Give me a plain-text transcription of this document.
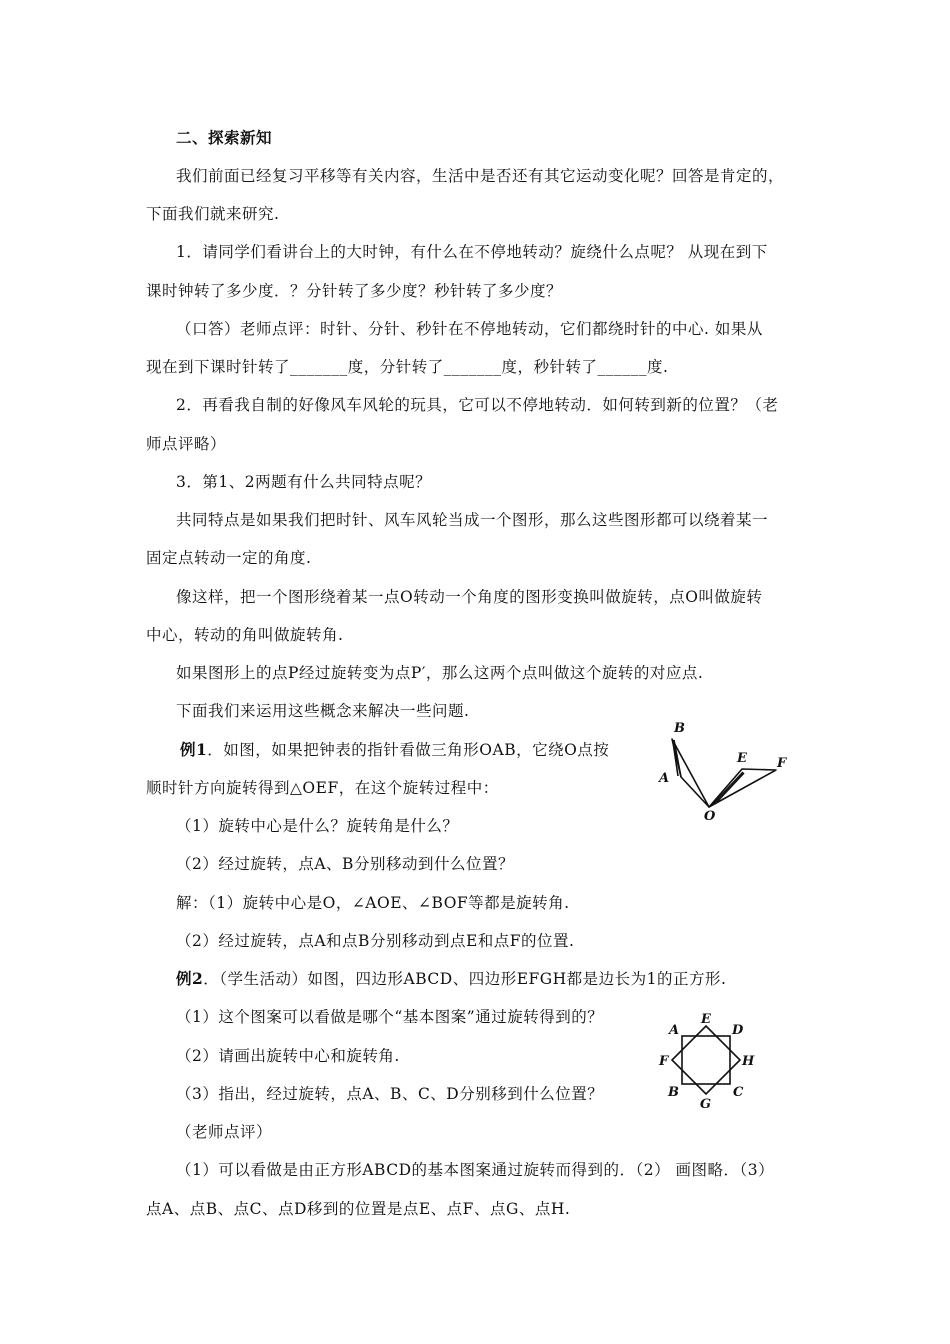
二、探索新知
我们前面已经复习平移等有关内容，生活中是否还有其它运动变化呢？回答是肯定的，
下面我们就来研究.
1．请同学们看讲台上的大时钟，有什么在不停地转动？旋绕什么点呢？ 从现在到下
课时钟转了多少度．？分针转了多少度？秒针转了多少度？
（口答）老师点评：时针、分针、秒针在不停地转动，它们都绕时针的中心. 如果从
现在到下课时针转了_______度，分针转了_______度，秒针转了______度.
2．再看我自制的好像风车风轮的玩具，它可以不停地转动．如何转到新的位置？（老
师点评略）
3．第1、2两题有什么共同特点呢？
共同特点是如果我们把时针、风车风轮当成一个图形，那么这些图形都可以绕着某一
固定点转动一定的角度.
像这样，把一个图形绕着某一点O转动一个角度的图形变换叫做旋转，点O叫做旋转
中心，转动的角叫做旋转角.
如果图形上的点P经过旋转变为点P′，那么这两个点叫做这个旋转的对应点.
下面我们来运用这些概念来解决一些问题.
例1．如图，如果把钟表的指针看做三角形OAB，它绕O点按
顺时针方向旋转得到△OEF，在这个旋转过程中：
（1）旋转中心是什么？旋转角是什么？
（2）经过旋转，点A、B分别移动到什么位置？
解：（1）旋转中心是O，∠AOE、∠BOF等都是旋转角.
（2）经过旋转，点A和点B分别移动到点E和点F的位置.
B
A
E F
O
例2．（学生活动）如图，四边形ABCD、四边形EFGH都是边长为1的正方形.
（1）这个图案可以看做是哪个“基本图案”通过旋转得到的？
（2）请画出旋转中心和旋转角.
（3）指出，经过旋转，点A、B、C、D分别移到什么位置？
（老师点评）
（1）可以看做是由正方形ABCD的基本图案通过旋转而得到的．（2） 画图略．（3）
点A、点B、点C、点D移到的位置是点E、点F、点G、点H.
A
E
D
F	H
B	C
G
